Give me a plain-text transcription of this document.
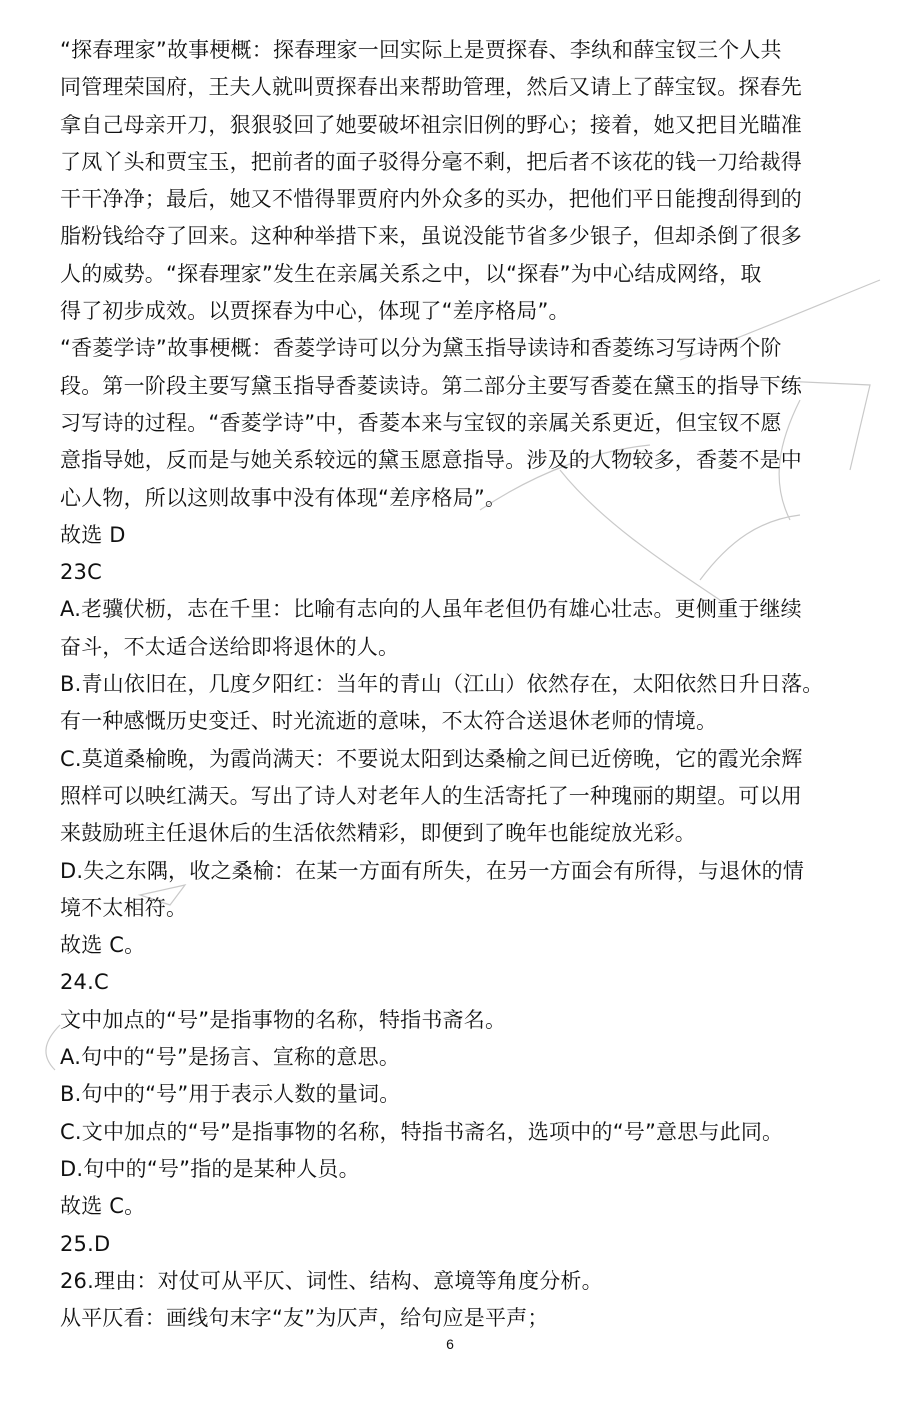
“探春理家”故事梗概：探春理家一回实际上是贾探春、李纨和薛宝钗三个人共
同管理荣国府，王夫人就叫贾探春出来帮助管理，然后又请上了薛宝钗。探春先
拿自己母亲开刀，狠狠驳回了她要破坏祖宗旧例的野心；接着，她又把目光瞄准
了凤丫头和贾宝玉，把前者的面子驳得分毫不剩，把后者不该花的钱一刀给裁得
干干净净；最后，她又不惜得罪贾府内外众多的买办，把他们平日能搜刮得到的
脂粉钱给夺了回来。这种种举措下来，虽说没能节省多少银子，但却杀倒了很多
人的威势。“探春理家”发生在亲属关系之中，以“探春”为中心结成网络，取
得了初步成效。以贾探春为中心，体现了“差序格局”。
“香菱学诗”故事梗概：香菱学诗可以分为黛玉指导读诗和香菱练习写诗两个阶
段。第一阶段主要写黛玉指导香菱读诗。第二部分主要写香菱在黛玉的指导下练
习写诗的过程。“香菱学诗”中，香菱本来与宝钗的亲属关系更近，但宝钗不愿
意指导她，反而是与她关系较远的黛玉愿意指导。涉及的人物较多，香菱不是中
心人物，所以这则故事中没有体现“差序格局”。
故选 D
23C
A.老骥伏枥，志在千里：比喻有志向的人虽年老但仍有雄心壮志。更侧重于继续
奋斗，不太适合送给即将退休的人。
B.青山依旧在，几度夕阳红：当年的青山（江山）依然存在，太阳依然日升日落。
有一种感慨历史变迁、时光流逝的意味，不太符合送退休老师的情境。
C.莫道桑榆晚，为霞尚满天：不要说太阳到达桑榆之间已近傍晚，它的霞光余辉
照样可以映红满天。写出了诗人对老年人的生活寄托了一种瑰丽的期望。可以用
来鼓励班主任退休后的生活依然精彩，即便到了晚年也能绽放光彩。
D.失之东隅，收之桑榆：在某一方面有所失，在另一方面会有所得，与退休的情
境不太相符。
故选 C。
24.C
文中加点的“号”是指事物的名称，特指书斋名。
A.句中的“号”是扬言、宣称的意思。
B.句中的“号”用于表示人数的量词。
C.文中加点的“号”是指事物的名称，特指书斋名，选项中的“号”意思与此同。
D.句中的“号”指的是某种人员。
故选 C。
25.D
26.理由：对仗可从平仄、词性、结构、意境等角度分析。
从平仄看：画线句末字“友”为仄声，给句应是平声；
6
